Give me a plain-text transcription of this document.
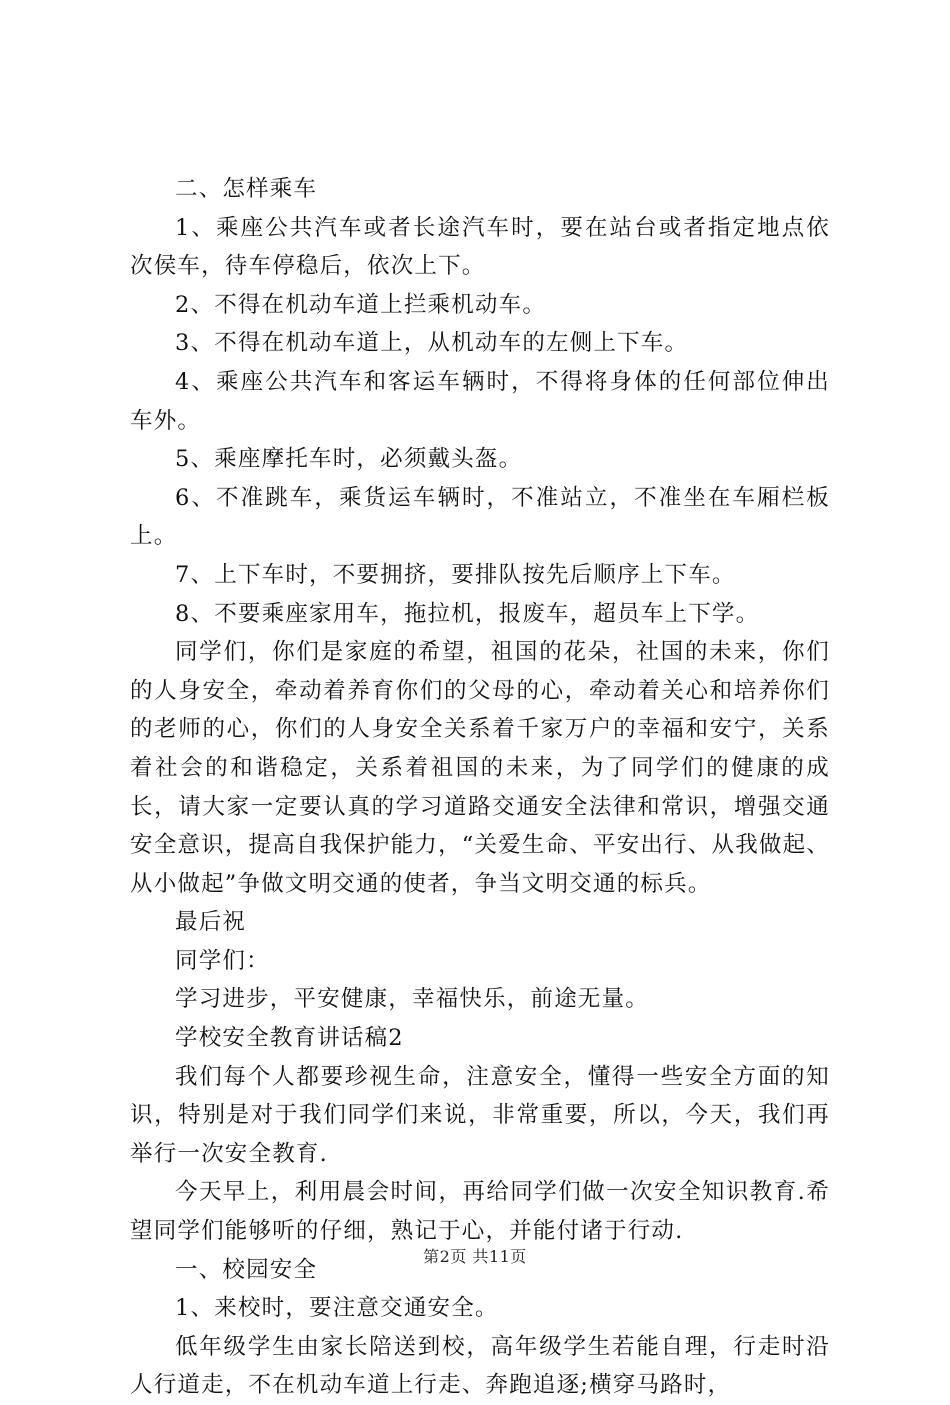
二、怎样乘车

1、乘座公共汽车或者长途汽车时，要在站台或者指定地点依次侯车，待车停稳后，依次上下。

2、不得在机动车道上拦乘机动车。

3、不得在机动车道上，从机动车的左侧上下车。

4、乘座公共汽车和客运车辆时，不得将身体的任何部位伸出车外。

5、乘座摩托车时，必须戴头盔。

6、不准跳车，乘货运车辆时，不准站立，不准坐在车厢栏板上。

7、上下车时，不要拥挤，要排队按先后顺序上下车。

8、不要乘座家用车，拖拉机，报废车，超员车上下学。

同学们，你们是家庭的希望，祖国的花朵，社国的未来，你们的人身安全，牵动着养育你们的父母的心，牵动着关心和培养你们的老师的心，你们的人身安全关系着千家万户的幸福和安宁，关系着社会的和谐稳定，关系着祖国的未来，为了同学们的健康的成长，请大家一定要认真的学习道路交通安全法律和常识，增强交通安全意识，提高自我保护能力，“关爱生命、平安出行、从我做起、从小做起”争做文明交通的使者，争当文明交通的标兵。

最后祝

同学们：

学习进步，平安健康，幸福快乐，前途无量。

学校安全教育讲话稿2

我们每个人都要珍视生命，注意安全，懂得一些安全方面的知识，特别是对于我们同学们来说，非常重要，所以，今天，我们再举行一次安全教育.

今天早上，利用晨会时间，再给同学们做一次安全知识教育.希望同学们能够听的仔细，熟记于心，并能付诸于行动.

一、校园安全

1、来校时，要注意交通安全。

低年级学生由家长陪送到校，高年级学生若能自理，行走时沿人行道走，不在机动车道上行走、奔跑追逐;横穿马路时，

第2页 共11页
